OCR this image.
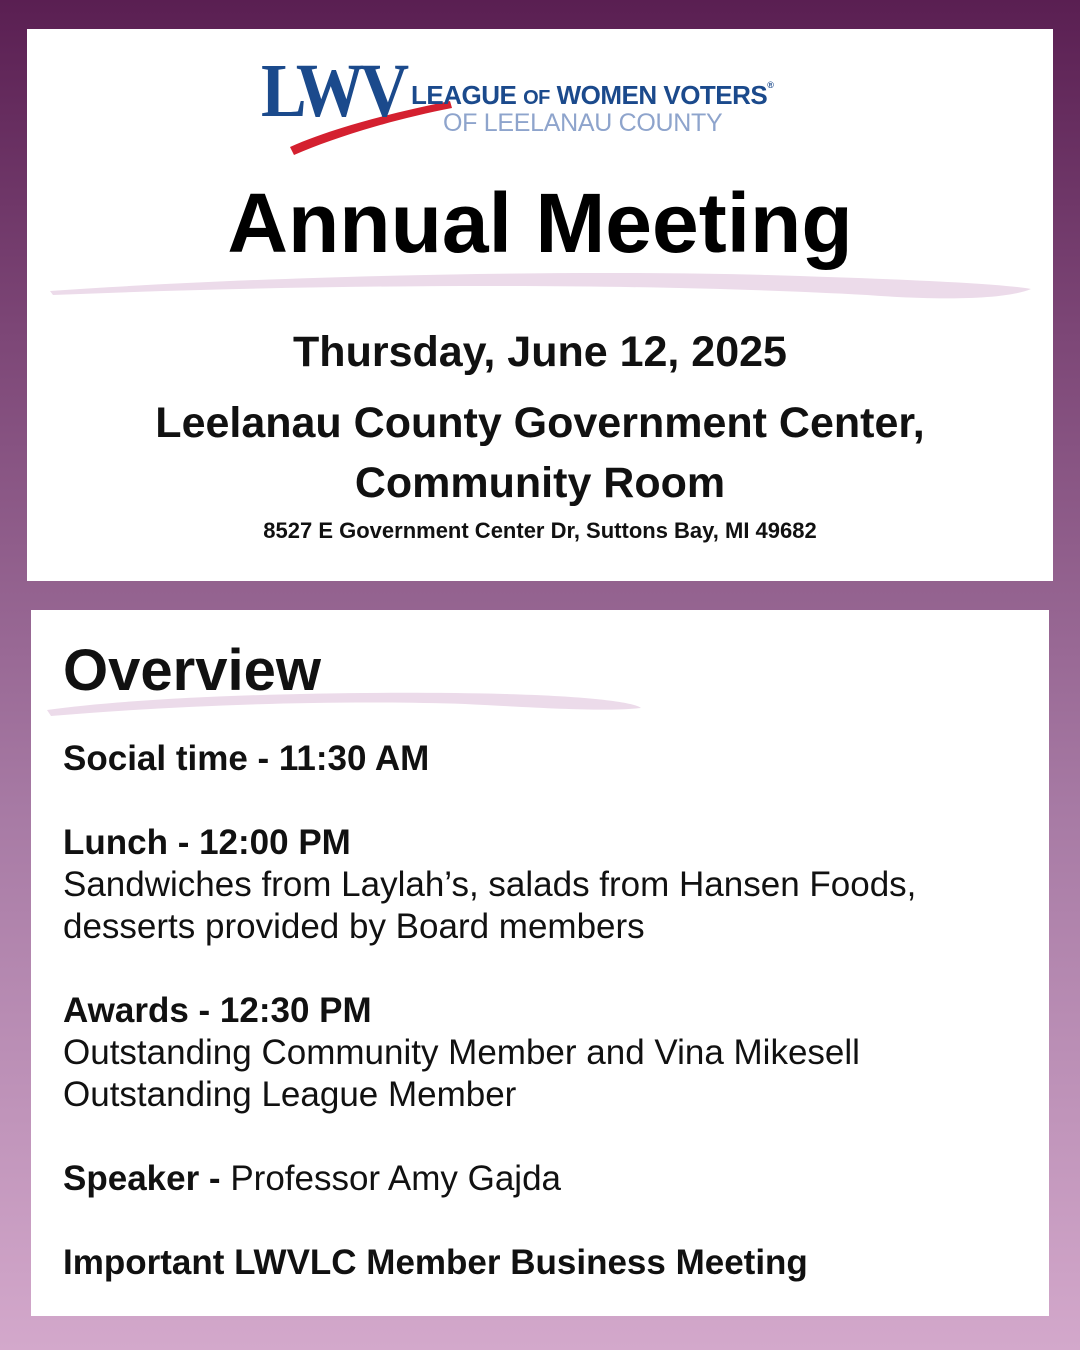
LWV LEAGUE OF WOMEN VOTERS®
OF LEELANAU COUNTY
Annual Meeting
Thursday, June 12, 2025
Leelanau County Government Center,
Community Room
8527 E Government Center Dr, Suttons Bay, MI 49682
Overview
Social time - 11:30 AM
Lunch - 12:00 PM
Sandwiches from Laylah’s, salads from Hansen Foods, desserts provided by Board members
Awards - 12:30 PM
Outstanding Community Member and Vina Mikesell Outstanding League Member
Speaker - Professor Amy Gajda
Important LWVLC Member Business Meeting
